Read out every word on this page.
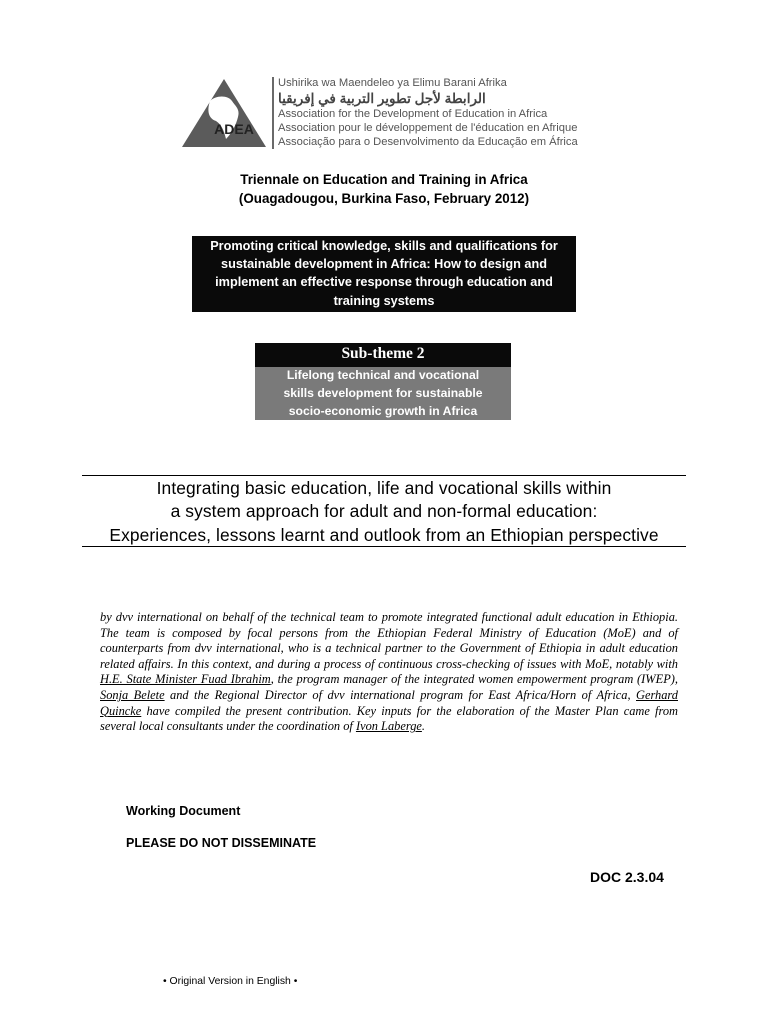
ADEA
Ushirika wa Maendeleo ya Elimu Barani Afrika
الرابطة لأجل تطوير التربية في إفريقيا
Association for the Development of Education in Africa
Association pour le développement de l'éducation en Afrique
Associação para o Desenvolvimento da Educação em África
Triennale on Education and Training in Africa
(Ouagadougou, Burkina Faso, February 2012)
Promoting critical knowledge, skills and qualifications for
sustainable development in Africa: How to design and
implement an effective response through education and
training systems
Sub-theme 2
Lifelong technical and vocational
skills development for sustainable
socio-economic growth in Africa
Integrating basic education, life and vocational skills within
a system approach for adult and non-formal education:
Experiences, lessons learnt and outlook from an Ethiopian perspective
by dvv international on behalf of the technical team to promote integrated functional adult education in Ethiopia. The team is composed by focal persons from the Ethiopian Federal Ministry of Education (MoE) and of counterparts from dvv international, who is a technical partner to the Government of Ethiopia in adult education related affairs. In this context, and during a process of continuous cross-checking of issues with MoE, notably with H.E. State Minister Fuad Ibrahim, the program manager of the integrated women empowerment program (IWEP), Sonja Belete and the Regional Director of dvv international program for East Africa/Horn of Africa, Gerhard Quincke have compiled the present contribution. Key inputs for the elaboration of the Master Plan came from several local consultants under the coordination of Ivon Laberge.
Working Document
PLEASE DO NOT DISSEMINATE
DOC 2.3.04
• Original Version in English •
